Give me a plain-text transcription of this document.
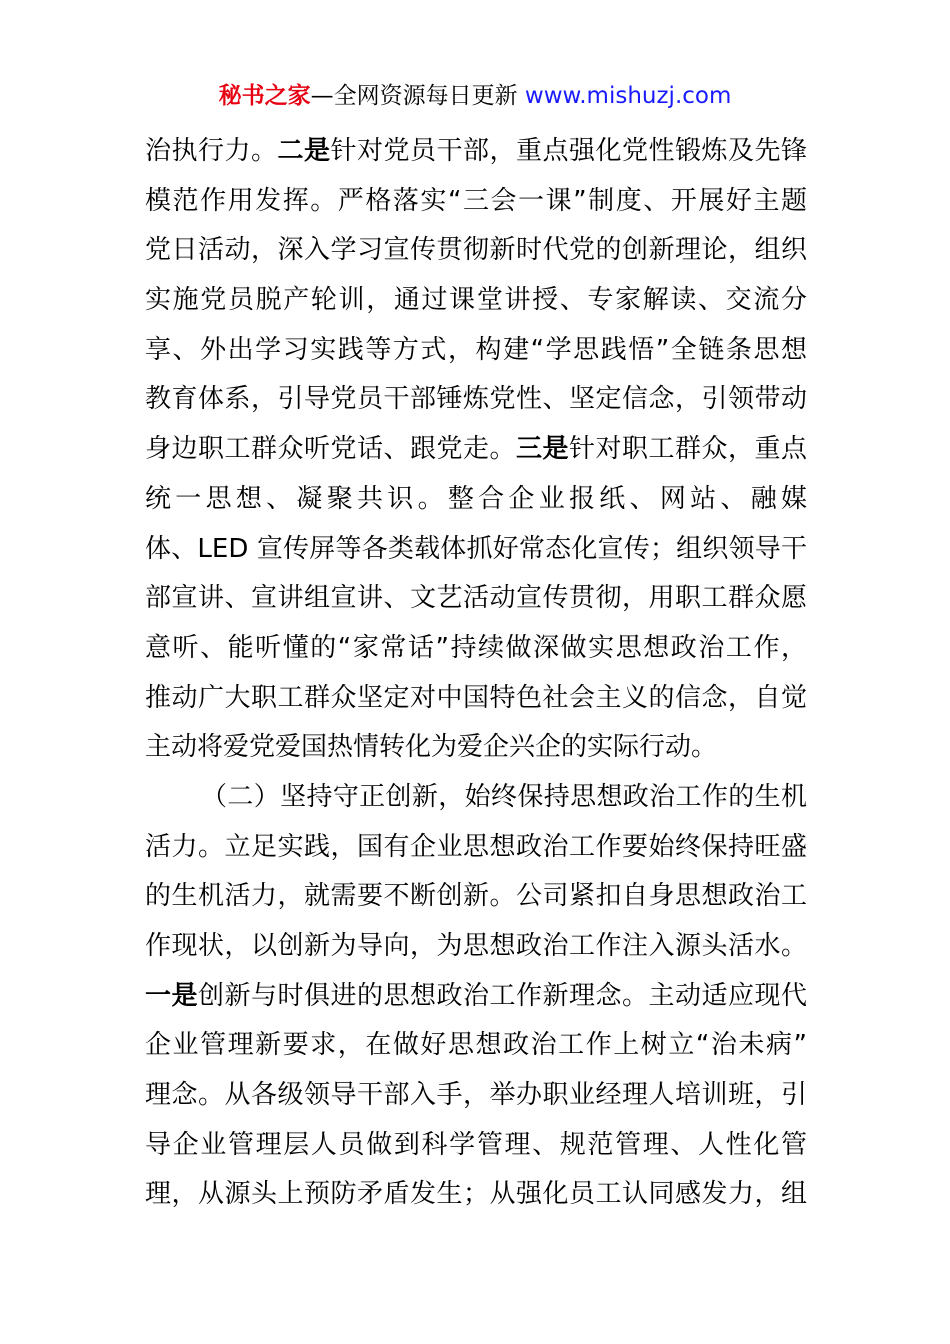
秘书之家—全网资源每日更新 www.mishuzj.com
治执行力。二是针对党员干部，重点强化党性锻炼及先锋
模范作用发挥。严格落实“三会一课”制度、开展好主题
党日活动，深入学习宣传贯彻新时代党的创新理论，组织
实施党员脱产轮训，通过课堂讲授、专家解读、交流分
享、外出学习实践等方式，构建“学思践悟”全链条思想
教育体系，引导党员干部锤炼党性、坚定信念，引领带动
身边职工群众听党话、跟党走。三是针对职工群众，重点
统一思想、凝聚共识。整合企业报纸、网站、融媒
体、LED 宣传屏等各类载体抓好常态化宣传；组织领导干
部宣讲、宣讲组宣讲、文艺活动宣传贯彻，用职工群众愿
意听、能听懂的“家常话”持续做深做实思想政治工作，
推动广大职工群众坚定对中国特色社会主义的信念，自觉
主动将爱党爱国热情转化为爱企兴企的实际行动。
（二）坚持守正创新，始终保持思想政治工作的生机
活力。立足实践，国有企业思想政治工作要始终保持旺盛
的生机活力，就需要不断创新。公司紧扣自身思想政治工
作现状，以创新为导向，为思想政治工作注入源头活水。
一是创新与时俱进的思想政治工作新理念。主动适应现代
企业管理新要求，在做好思想政治工作上树立“治未病”
理念。从各级领导干部入手，举办职业经理人培训班，引
导企业管理层人员做到科学管理、规范管理、人性化管
理，从源头上预防矛盾发生；从强化员工认同感发力，组
